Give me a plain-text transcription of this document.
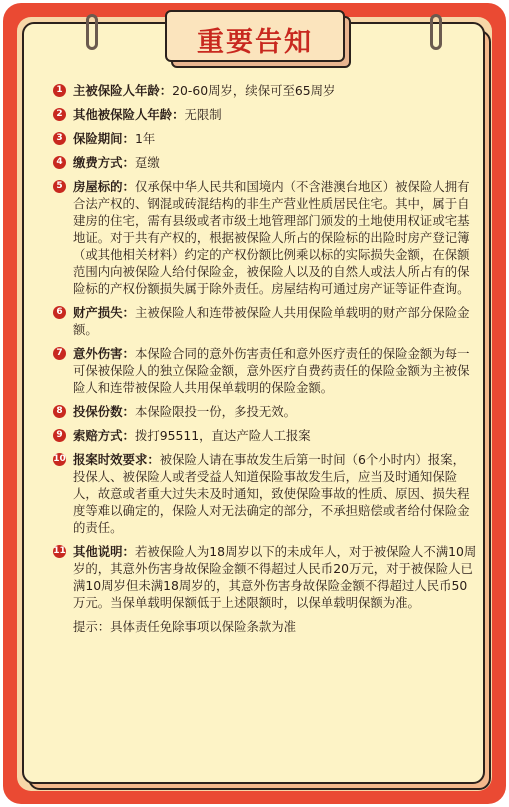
重要告知
1 主被保险人年龄：20-60周岁，续保可至65周岁
2 其他被保险人年龄：无限制
3 保险期间：1年
4 缴费方式：趸缴
5 房屋标的：仅承保中华人民共和国境内（不含港澳台地区）被保险人拥有合法产权的、钢混或砖混结构的非生产营业性质居民住宅。其中，属于自建房的住宅，需有县级或者市级土地管理部门颁发的土地使用权证或宅基地证。对于共有产权的，根据被保险人所占的保险标的出险时房产登记簿（或其他相关材料）约定的产权份额比例乘以标的实际损失金额，在保额范围内向被保险人给付保险金，被保险人以及的自然人或法人所占有的保险标的产权份额损失属于除外责任。房屋结构可通过房产证等证件查询。
6 财产损失：主被保险人和连带被保险人共用保险单载明的财产部分保险金额。
7 意外伤害：本保险合同的意外伤害责任和意外医疗责任的保险金额为每一可保被保险人的独立保险金额，意外医疗自费药责任的保险金额为主被保险人和连带被保险人共用保单载明的保险金额。
8 投保份数：本保险限投一份，多投无效。
9 索赔方式：拨打95511，直达产险人工报案
10 报案时效要求：被保险人请在事故发生后第一时间（6个小时内）报案，投保人、被保险人或者受益人知道保险事故发生后，应当及时通知保险人，故意或者重大过失未及时通知，致使保险事故的性质、原因、损失程度等难以确定的，保险人对无法确定的部分，不承担赔偿或者给付保险金的责任。
11 其他说明：若被保险人为18周岁以下的未成年人，对于被保险人不满10周岁的，其意外伤害身故保险金额不得超过人民币20万元，对于被保险人已满10周岁但未满18周岁的，其意外伤害身故保险金额不得超过人民币50万元。当保单载明保额低于上述限额时，以保单载明保额为准。
提示：具体责任免除事项以保险条款为准
